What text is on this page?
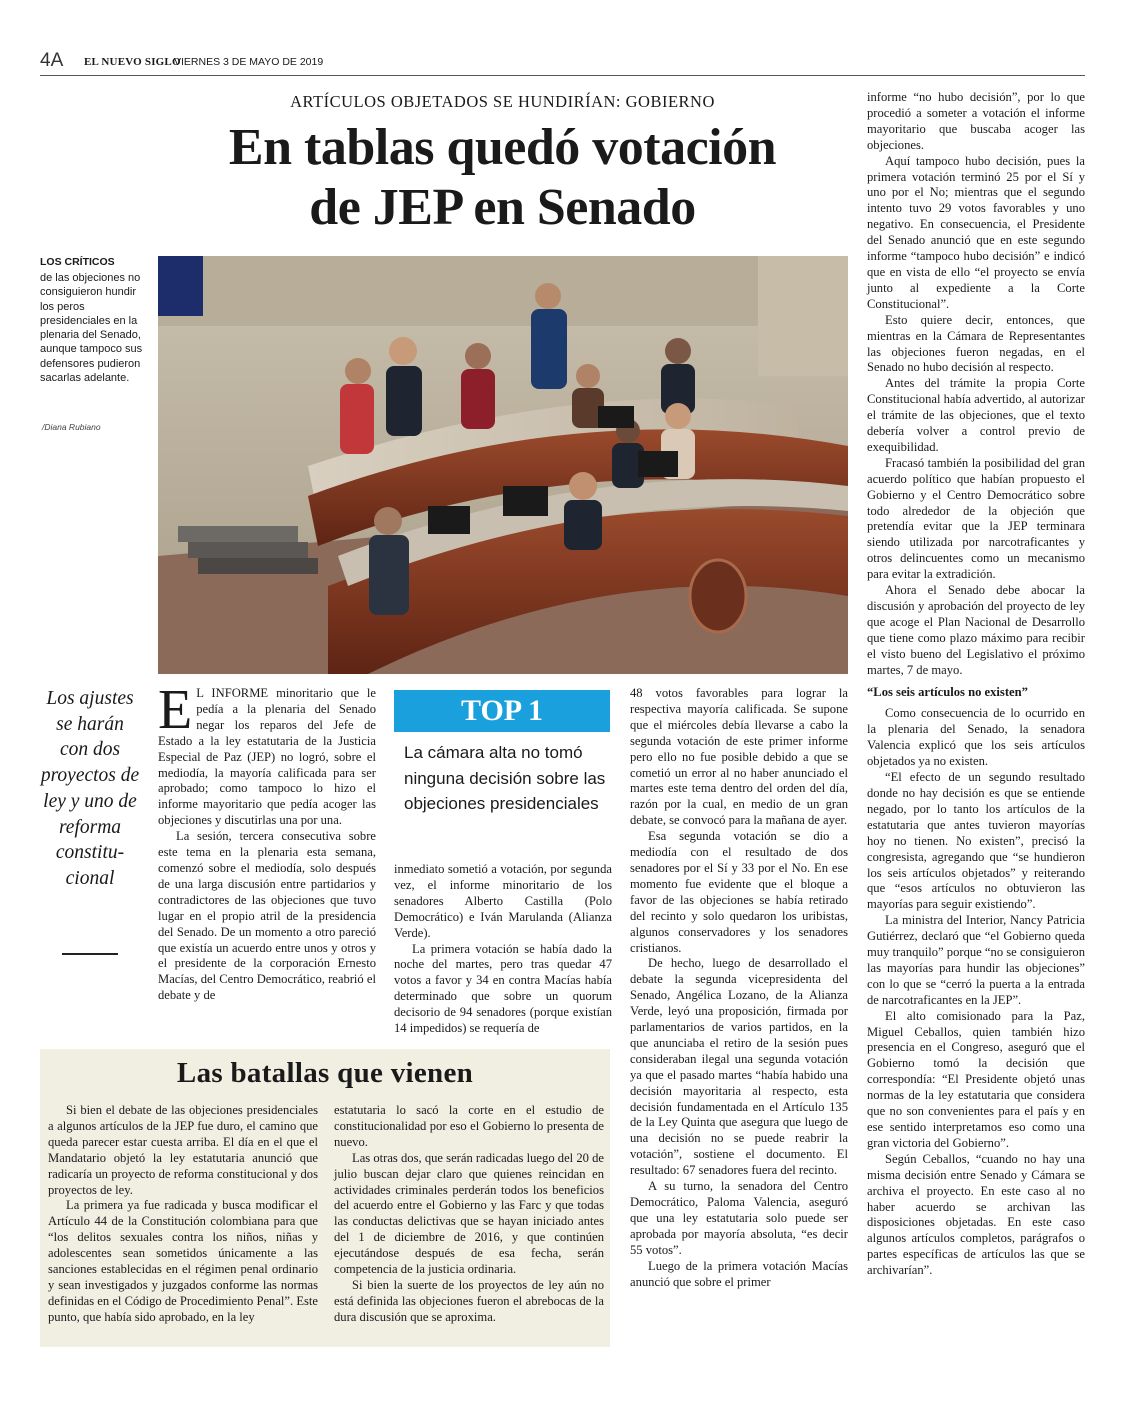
4A EL NUEVO SIGLO
VIERNES 3 DE MAYO DE 2019
ARTÍCULOS OBJETADOS SE HUNDIRÍAN: GOBIERNO
En tablas quedó votación
de JEP en Senado
LOS CRÍTICOS
de las objeciones no consiguieron hundir los peros presidenciales en la plenaria del Senado, aunque tampoco sus defensores pudieron sacarlas adelante.
/Diana Rubiano
Los ajustes se harán con dos proyectos de ley y uno de reforma constitu-cional

E L INFORME minoritario que le pedía a la plenaria del Senado negar los reparos del Jefe de Estado a la ley estatutaria de la Justicia Especial de Paz (JEP) no logró, sobre el mediodía, la mayoría calificada para ser aprobado; como tampoco lo hizo el informe mayoritario que pedía acoger las objeciones y discutirlas una por una.

La sesión, tercera consecutiva sobre este tema en la plenaria esta semana, comenzó sobre el mediodía, solo después de una larga discusión entre partidarios y contradictores de las objeciones que tuvo lugar en el propio atril de la presidencia del Senado. De un momento a otro pareció que existía un acuerdo entre unos y otros y el presidente de la corporación Ernesto Macías, del Centro Democrático, reabrió el debate y de

TOP 1
La cámara alta no tomó ninguna decisión sobre las objeciones presidenciales

inmediato sometió a votación, por segunda vez, el informe minoritario de los senadores Alberto Castilla (Polo Democrático) e Iván Marulanda (Alianza Verde).

La primera votación se había dado la noche del martes, pero tras quedar 47 votos a favor y 34 en contra Macías había determinado que sobre un quorum decisorio de 94 senadores (porque existían 14 impedidos) se requería de

48 votos favorables para lograr la respectiva mayoría calificada. Se supone que el miércoles debía llevarse a cabo la segunda votación de este primer informe pero ello no fue posible debido a que se cometió un error al no haber anunciado el martes este tema dentro del orden del día, razón por la cual, en medio de un gran debate, se convocó para la mañana de ayer.

Esa segunda votación se dio a mediodía con el resultado de dos senadores por el Sí y 33 por el No. En ese momento fue evidente que el bloque a favor de las objeciones se había retirado del recinto y solo quedaron los uribistas, algunos conservadores y los senadores cristianos.

De hecho, luego de desarrollado el debate la segunda vicepresidenta del Senado, Angélica Lozano, de la Alianza Verde, leyó una proposición, firmada por parlamentarios de varios partidos, en la que anunciaba el retiro de la sesión pues consideraban ilegal una segunda votación ya que el pasado martes “había habido una decisión mayoritaria al respecto, esta decisión fundamentada en el Artículo 135 de la Ley Quinta que asegura que luego de una decisión no se puede reabrir la votación”, sostiene el documento. El resultado: 67 senadores fuera del recinto.

A su turno, la senadora del Centro Democrático, Paloma Valencia, aseguró que una ley estatutaria solo puede ser aprobada por mayoría absoluta, “es decir 55 votos”.

Luego de la primera votación Macías anunció que sobre el primer

informe “no hubo decisión”, por lo que procedió a someter a votación el informe mayoritario que buscaba acoger las objeciones.

Aquí tampoco hubo decisión, pues la primera votación terminó 25 por el Sí y uno por el No; mientras que el segundo intento tuvo 29 votos favorables y uno negativo. En consecuencia, el Presidente del Senado anunció que en este segundo informe “tampoco hubo decisión” e indicó que en vista de ello “el proyecto se envía junto al expediente a la Corte Constitucional”.

Esto quiere decir, entonces, que mientras en la Cámara de Representantes las objeciones fueron negadas, en el Senado no hubo decisión al respecto.

Antes del trámite la propia Corte Constitucional había advertido, al autorizar el trámite de las objeciones, que el texto debería volver a control previo de exequibilidad.

Fracasó también la posibilidad del gran acuerdo político que habían propuesto el Gobierno y el Centro Democrático sobre todo alrededor de la objeción que pretendía evitar que la JEP terminara siendo utilizada por narcotraficantes y otros delincuentes como un mecanismo para evitar la extradición.

Ahora el Senado debe abocar la discusión y aprobación del proyecto de ley que acoge el Plan Nacional de Desarrollo que tiene como plazo máximo para recibir el visto bueno del Legislativo el próximo martes, 7 de mayo.

“Los seis artículos no existen”

Como consecuencia de lo ocurrido en la plenaria del Senado, la senadora Valencia explicó que los seis artículos objetados ya no existen.

“El efecto de un segundo resultado donde no hay decisión es que se entiende negado, por lo tanto los artículos de la estatutaria que antes tuvieron mayorías hoy no tienen. No existen”, precisó la congresista, agregando que “se hundieron los seis artículos objetados” y reiterando que “esos artículos no obtuvieron las mayorías para seguir existiendo”.

La ministra del Interior, Nancy Patricia Gutiérrez, declaró que “el Gobierno queda muy tranquilo” porque “no se consiguieron las mayorías para hundir las objeciones” con lo que se “cerró la puerta a la entrada de narcotraficantes en la JEP”.

El alto comisionado para la Paz, Miguel Ceballos, quien también hizo presencia en el Congreso, aseguró que el Gobierno tomó la decisión que correspondía: “El Presidente objetó unas normas de la ley estatutaria que considera que no son convenientes para el país y en ese sentido interpretamos eso como una gran victoria del Gobierno”.

Según Ceballos, “cuando no hay una misma decisión entre Senado y Cámara se archiva el proyecto. En este caso al no haber acuerdo se archivan las disposiciones objetadas. En este caso algunos artículos completos, parágrafos o partes específicas de artículos las que se archivarían”.

Las batallas que vienen

Si bien el debate de las objeciones presidenciales a algunos artículos de la JEP fue duro, el camino que queda parecer estar cuesta arriba. El día en el que el Mandatario objetó la ley estatutaria anunció que radicaría un proyecto de reforma constitucional y dos proyectos de ley.

La primera ya fue radicada y busca modificar el Artículo 44 de la Constitución colombiana para que “los delitos sexuales contra los niños, niñas y adolescentes sean sometidos únicamente a las sanciones establecidas en el régimen penal ordinario y sean investigados y juzgados conforme las normas definidas en el Código de Procedimiento Penal”. Este punto, que había sido aprobado, en la ley

estatutaria lo sacó la corte en el estudio de constitucionalidad por eso el Gobierno lo presenta de nuevo.

Las otras dos, que serán radicadas luego del 20 de julio buscan dejar claro que quienes reincidan en actividades criminales perderán todos los beneficios del acuerdo entre el Gobierno y las Farc y que todas las conductas delictivas que se hayan iniciado antes del 1 de diciembre de 2016, y que continúen ejecutándose después de esa fecha, serán competencia de la justicia ordinaria.

Si bien la suerte de los proyectos de ley aún no está definida las objeciones fueron el abrebocas de la dura discusión que se aproxima.
